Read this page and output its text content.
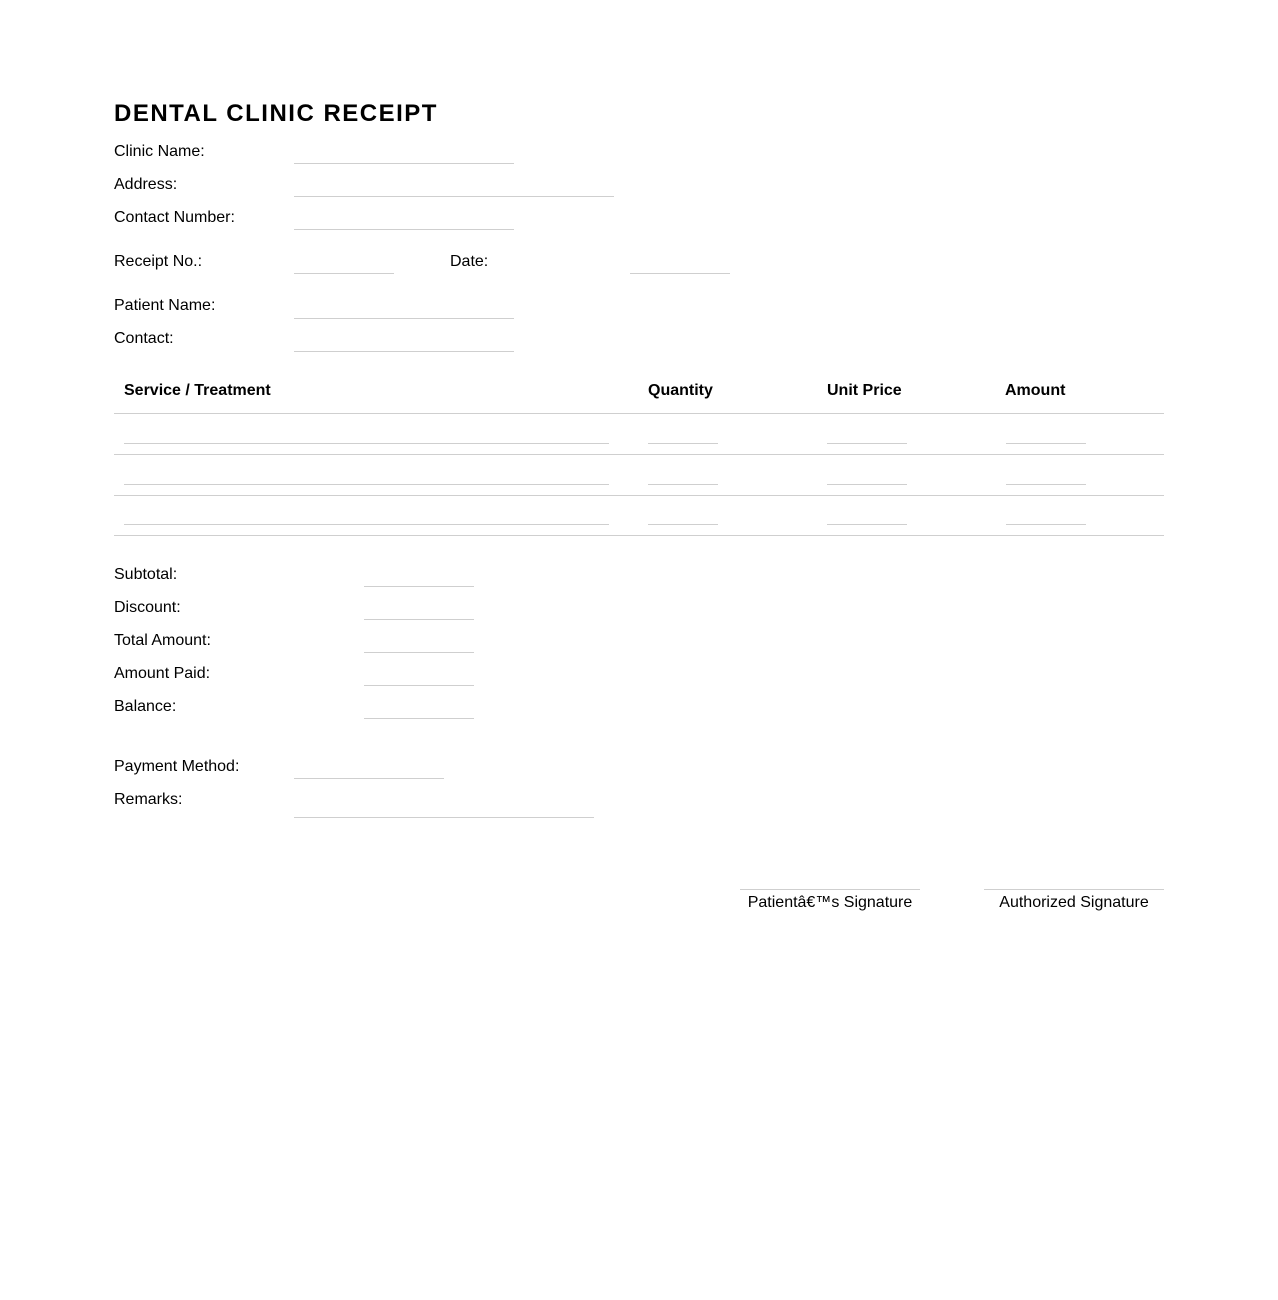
DENTAL CLINIC RECEIPT
Clinic Name:
Address:
Contact Number:
Receipt No.:	Date:
Patient Name:
Contact:
Service / Treatment	Quantity	Unit Price	Amount
Subtotal:
Discount:
Total Amount:
Amount Paid:
Balance:
Payment Method:
Remarks:
Patientâ€™s Signature	Authorized Signature
